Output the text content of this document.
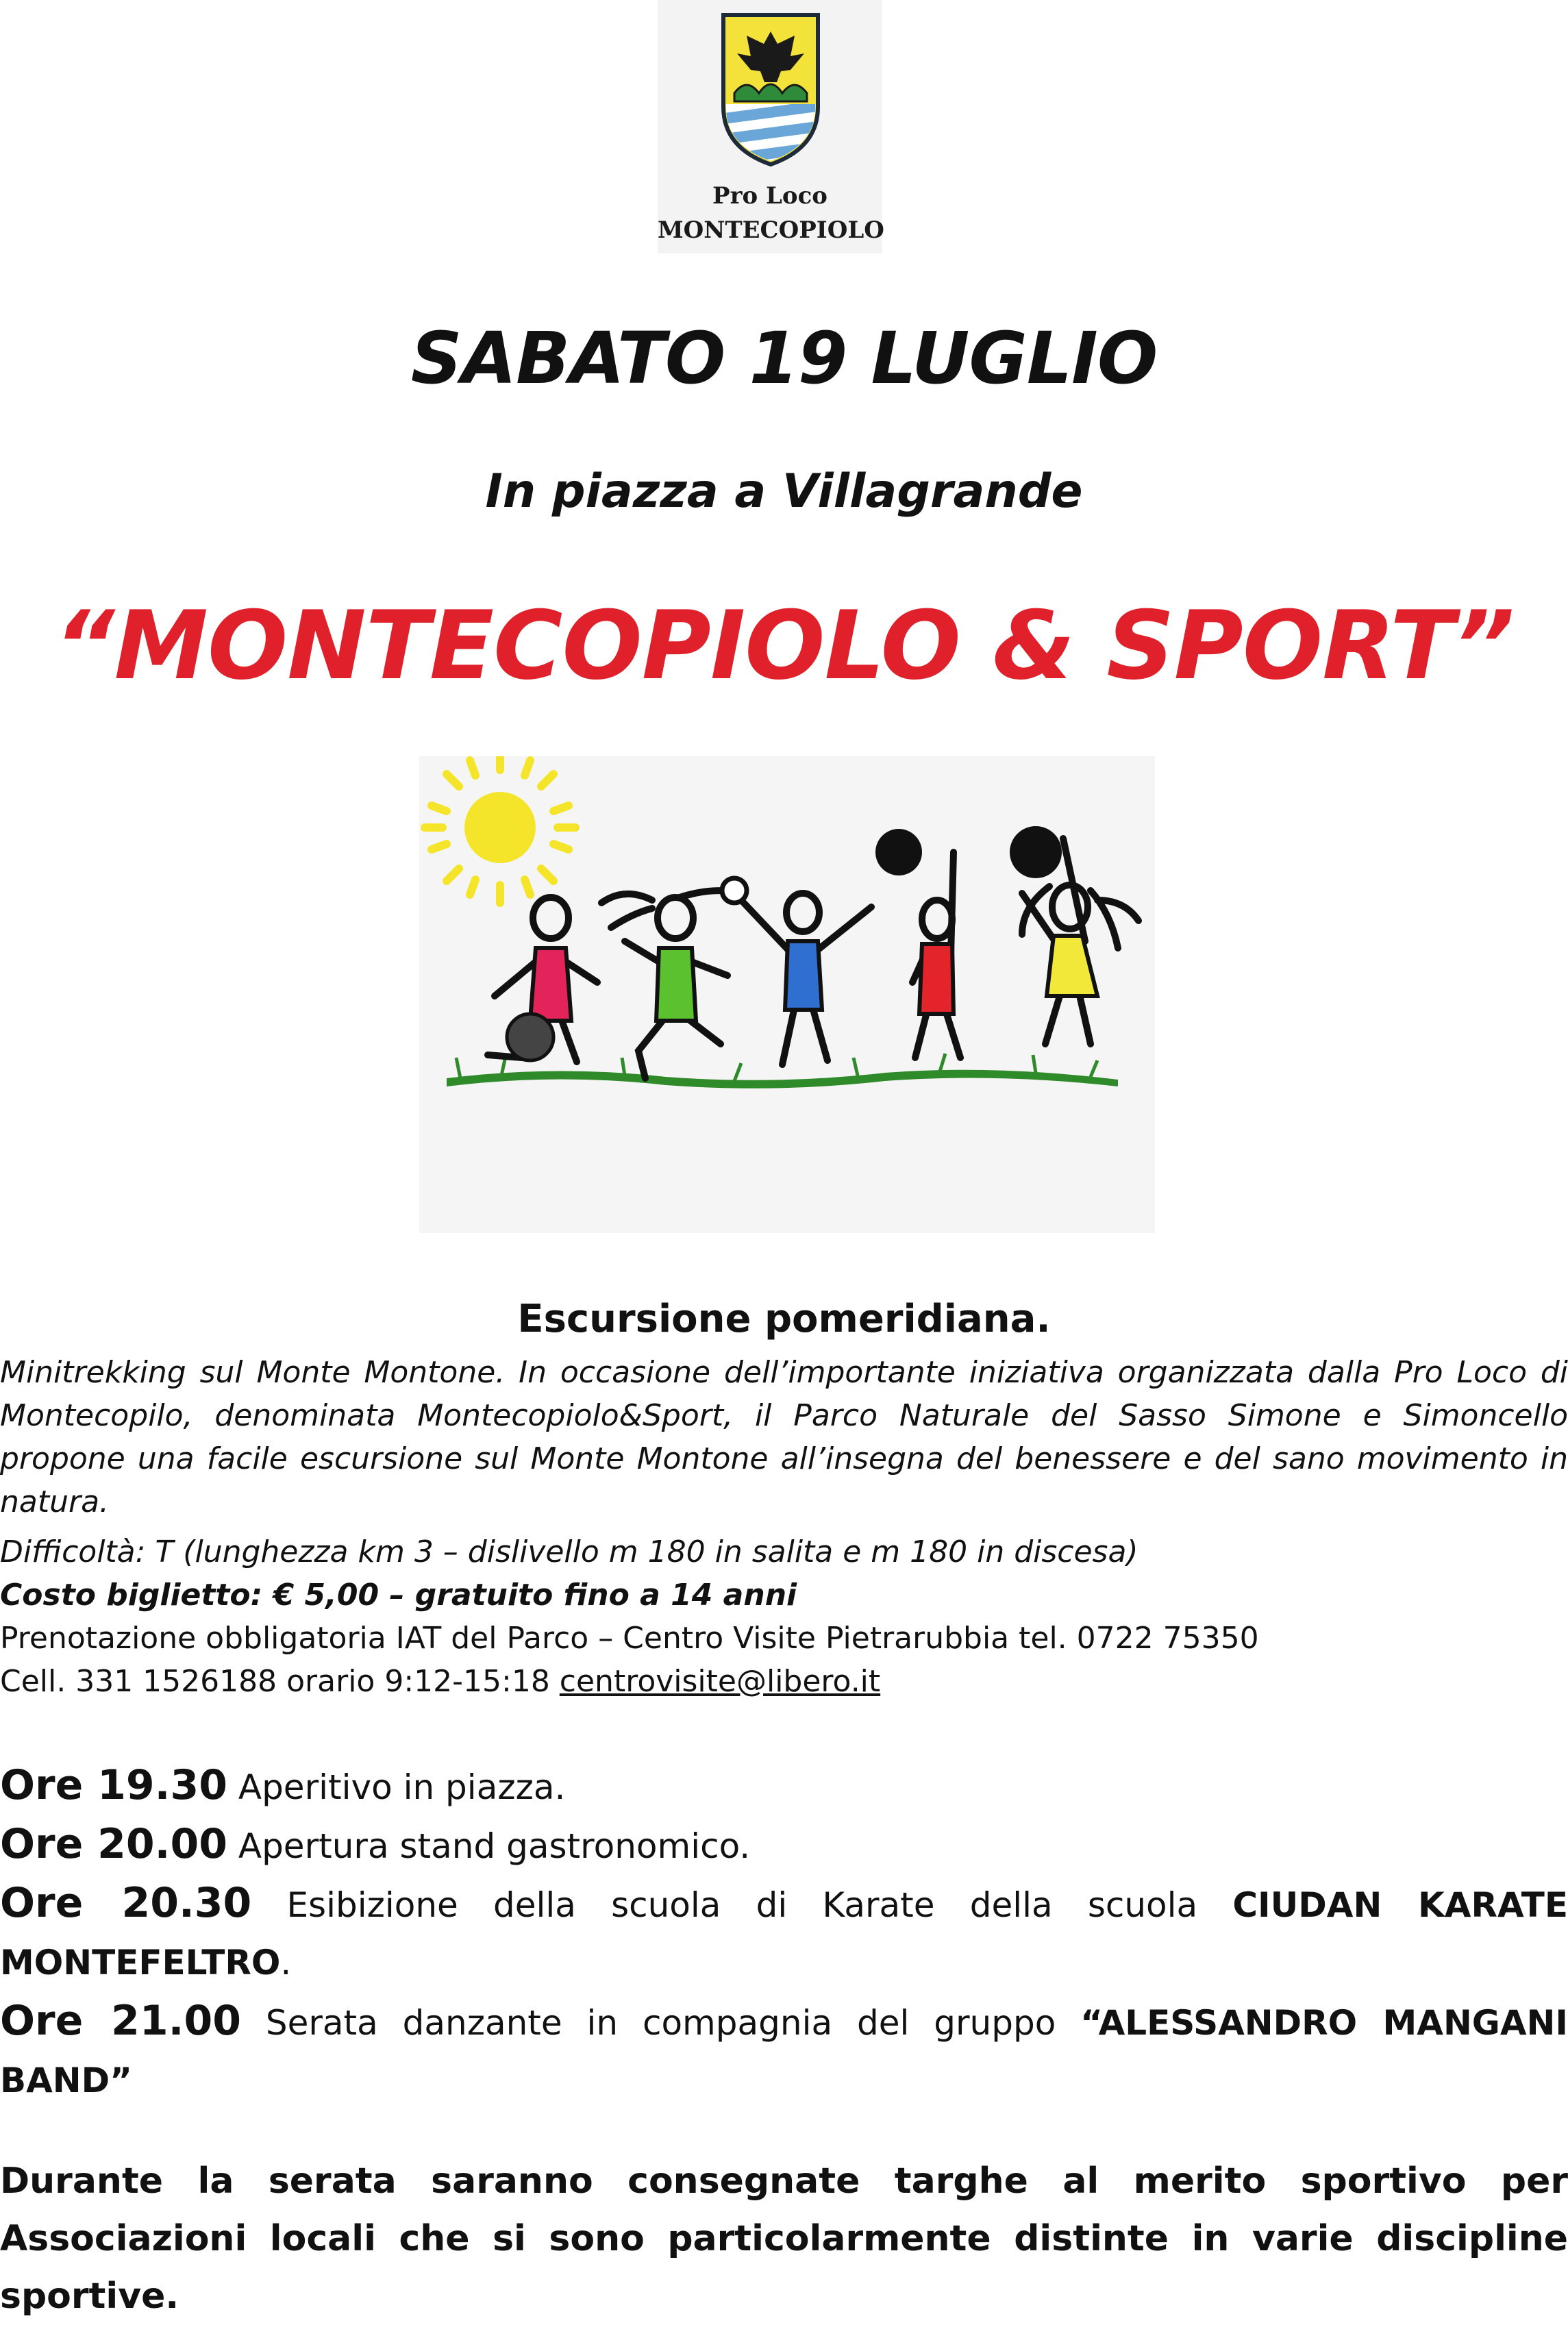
Pro Loco
MONTECOPIOLO
SABATO 19 LUGLIO
In piazza a Villagrande
“MONTECOPIOLO & SPORT”
Escursione pomeridiana.
Minitrekking sul Monte Montone. In occasione dell’importante iniziativa organizzata dalla Pro Loco di Montecopilo, denominata Montecopiolo&Sport, il Parco Naturale del Sasso Simone e Simoncello propone una facile escursione sul Monte Montone all’insegna del benessere e del sano movimento in natura.
Difficoltà: T (lunghezza km 3 – dislivello m 180 in salita e m 180 in discesa)
Costo biglietto: € 5,00 – gratuito fino a 14 anni
Prenotazione obbligatoria IAT del Parco – Centro Visite Pietrarubbia tel. 0722 75350
Cell. 331 1526188 orario 9:12-15:18 centrovisite@libero.it
Ore 19.30 Aperitivo in piazza.
Ore 20.00 Apertura stand gastronomico.
Ore 20.30 Esibizione della scuola di Karate della scuola CIUDAN KARATE MONTEFELTRO.
Ore 21.00 Serata danzante in compagnia del gruppo “ALESSANDRO MANGANI BAND”
Durante la serata saranno consegnate targhe al merito sportivo per Associazioni locali che si sono particolarmente distinte in varie discipline sportive.
